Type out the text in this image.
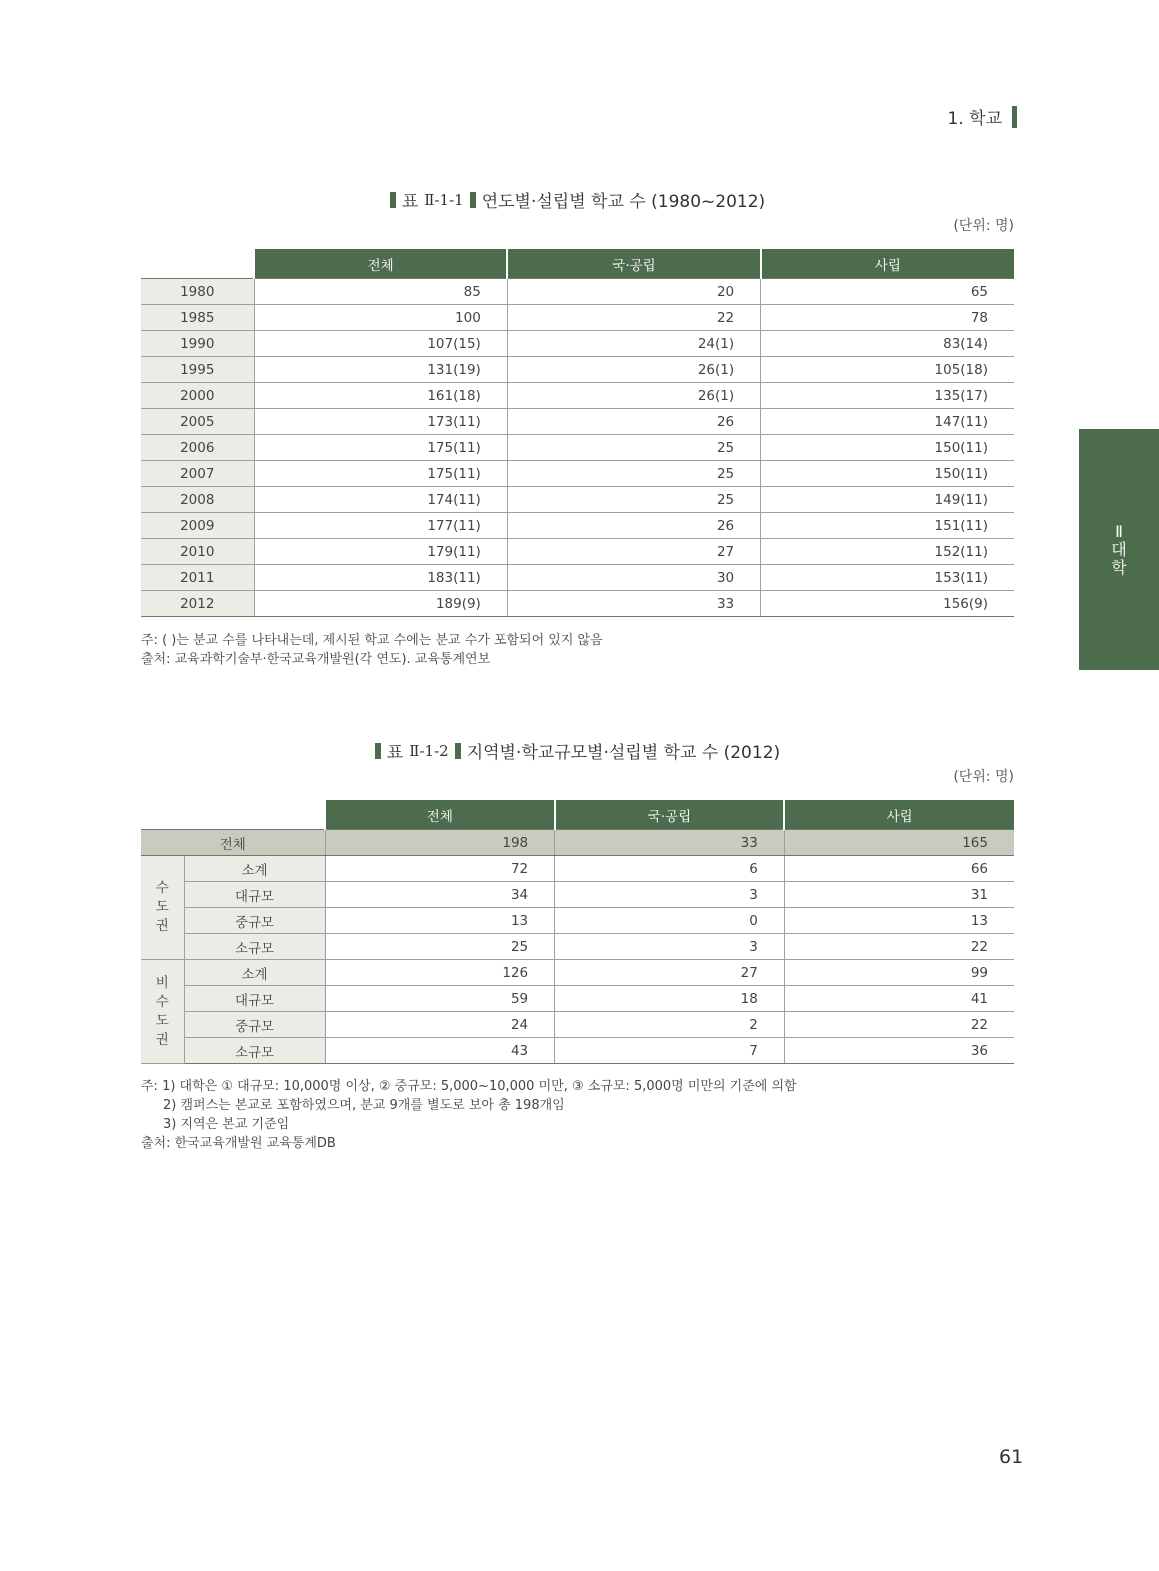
1. 학교
Ⅱ
대
학
표 Ⅱ-1-1 연도별·설립별 학교 수 (1980~2012)
(단위: 명)
	전체	국·공립	사립
1980	85	20	65
1985	100	22	78
1990	107(15)	24(1)	83(14)
1995	131(19)	26(1)	105(18)
2000	161(18)	26(1)	135(17)
2005	173(11)	26	147(11)
2006	175(11)	25	150(11)
2007	175(11)	25	150(11)
2008	174(11)	25	149(11)
2009	177(11)	26	151(11)
2010	179(11)	27	152(11)
2011	183(11)	30	153(11)
2012	189(9)	33	156(9)
주: ( )는 분교 수를 나타내는데, 제시된 학교 수에는 분교 수가 포함되어 있지 않음
출처: 교육과학기술부·한국교육개발원(각 연도). 교육통계연보
표 Ⅱ-1-2 지역별·학교규모별·설립별 학교 수 (2012)
(단위: 명)
		전체	국·공립	사립
전체		198	33	165

수
도
권	소계	72	6	66
	대규모	34	3	31
	중규모	13	0	13
	소규모	25	3	22

비
수
도
권	소계	126	27	99
	대규모	59	18	41
	중규모	24	2	22
	소규모	43	7	36
주: 1) 대학은 ① 대규모: 10,000명 이상, ② 중규모: 5,000~10,000 미만, ③ 소규모: 5,000명 미만의 기준에 의함
2) 캠퍼스는 본교로 포함하였으며, 분교 9개를 별도로 보아 총 198개임
3) 지역은 본교 기준임
출처: 한국교육개발원 교육통계DB
61
